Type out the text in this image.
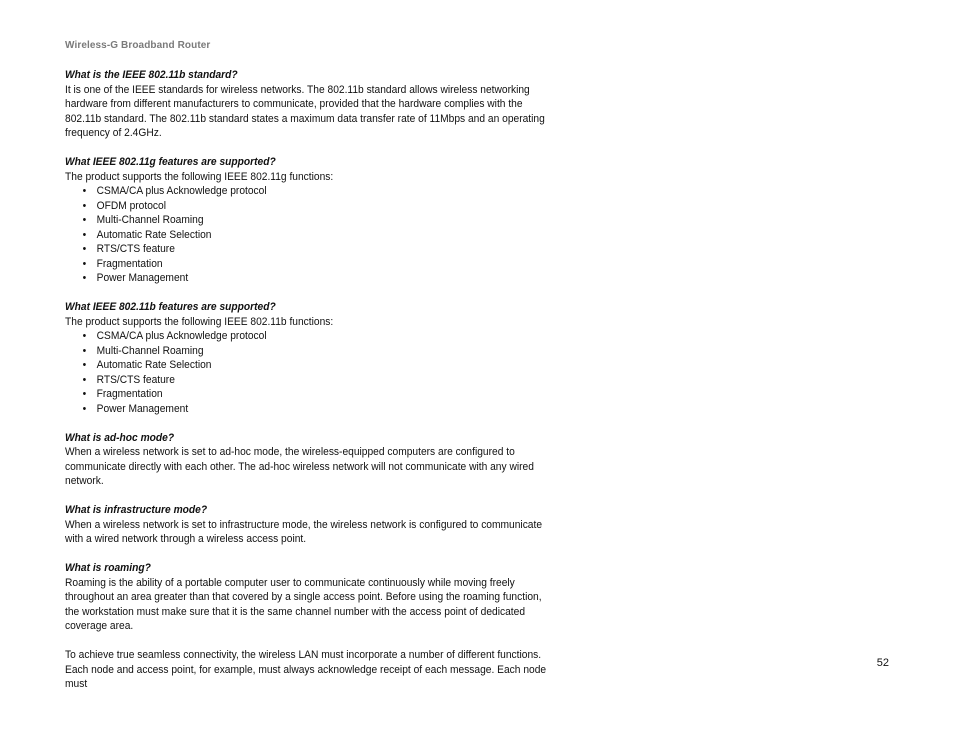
Wireless-G Broadband Router

What is the IEEE 802.11b standard?

It is one of the IEEE standards for wireless networks. The 802.11b standard allows wireless networking hardware from different manufacturers to communicate, provided that the hardware complies with the 802.11b standard. The 802.11b standard states a maximum data transfer rate of 11Mbps and an operating frequency of 2.4GHz.

What IEEE 802.11g features are supported?

The product supports the following IEEE 802.11g functions:

• CSMA/CA plus Acknowledge protocol
• OFDM protocol
• Multi-Channel Roaming
• Automatic Rate Selection
• RTS/CTS feature
• Fragmentation
• Power Management

What IEEE 802.11b features are supported?

The product supports the following IEEE 802.11b functions:

• CSMA/CA plus Acknowledge protocol
• Multi-Channel Roaming
• Automatic Rate Selection
• RTS/CTS feature
• Fragmentation
• Power Management

What is ad-hoc mode?

When a wireless network is set to ad-hoc mode, the wireless-equipped computers are configured to communicate directly with each other. The ad-hoc wireless network will not communicate with any wired network.

What is infrastructure mode?

When a wireless network is set to infrastructure mode, the wireless network is configured to communicate with a wired network through a wireless access point.

What is roaming?

Roaming is the ability of a portable computer user to communicate continuously while moving freely throughout an area greater than that covered by a single access point. Before using the roaming function, the workstation must make sure that it is the same channel number with the access point of dedicated coverage area.

To achieve true seamless connectivity, the wireless LAN must incorporate a number of different functions. Each node and access point, for example, must always acknowledge receipt of each message. Each node must

52
